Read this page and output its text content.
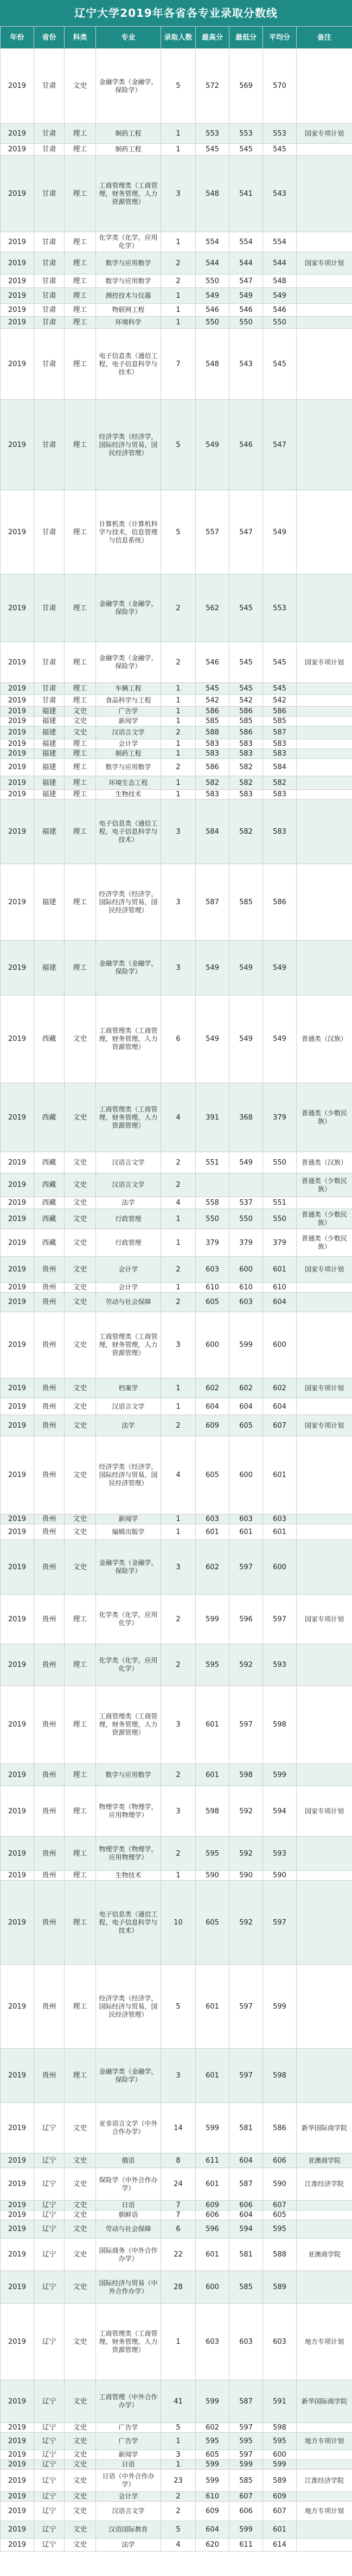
辽宁大学2019年各省各专业录取分数线
年份	省份	科类	专业	录取人数	最高分	最低分	平均分	备注
2019	甘肃	文史	金融学类（金融学，保险学）	5	572	569	570	
2019	甘肃	理工	制药工程	1	553	553	553	国家专项计划
2019	甘肃	理工	制药工程	1	545	545	545	
2019	甘肃	理工	工商管理类（工商管理，财务管理，人力资源管理）	3	548	541	543	
2019	甘肃	理工	化学类（化学，应用化学）	1	554	554	554	
2019	甘肃	理工	数学与应用数学	2	544	544	544	国家专项计划
2019	甘肃	理工	数学与应用数学	2	550	547	548	
2019	甘肃	理工	测控技术与仪器	1	549	549	549	
2019	甘肃	理工	物联网工程	1	546	546	546	
2019	甘肃	理工	环境科学	1	550	550	550	
2019	甘肃	理工	电子信息类（通信工程，电子信息科学与技术）	7	548	543	545	
2019	甘肃	理工	经济学类（经济学，国际经济与贸易，国民经济管理）	5	549	546	547	
2019	甘肃	理工	计算机类（计算机科学与技术，信息管理与信息系统）	5	557	547	549	
2019	甘肃	理工	金融学类（金融学，保险学）	2	562	545	553	
2019	甘肃	理工	金融学类（金融学，保险学）	2	546	545	545	国家专项计划
2019	甘肃	理工	车辆工程	1	545	545	545	
2019	甘肃	理工	食品科学与工程	1	542	542	542	
2019	福建	文史	广告学	1	586	586	586	
2019	福建	文史	新闻学	1	585	585	585	
2019	福建	文史	汉语言文学	2	588	586	587	
2019	福建	理工	会计学	1	583	583	583	
2019	福建	理工	制药工程	1	583	583	583	
2019	福建	理工	数学与应用数学	2	586	582	584	
2019	福建	理工	环境生态工程	1	582	582	582	
2019	福建	理工	生物技术	1	583	583	583	
2019	福建	理工	电子信息类（通信工程，电子信息科学与技术）	3	584	582	583	
2019	福建	理工	经济学类（经济学，国际经济与贸易，国民经济管理）	3	587	585	586	
2019	福建	理工	金融学类（金融学，保险学）	3	549	549	549	
2019	西藏	文史	工商管理类（工商管理，财务管理，人力资源管理）	6	549	549	549	普通类（汉族）
2019	西藏	文史	工商管理类（工商管理，财务管理，人力资源管理）	4	391	368	379	普通类（少数民族）
2019	西藏	文史	汉语言文学	2	551	549	550	普通类（汉族）
2019	西藏	文史	汉语言文学	2				普通类（少数民族）
2019	西藏	文史	法学	4	558	537	551	
2019	西藏	文史	行政管理	1	550	550	550	普通类（少数民族）
2019	西藏	文史	行政管理	1	379	379	379	普通类（少数民族）
2019	贵州	文史	会计学	2	603	600	601	国家专项计划
2019	贵州	文史	会计学	1	610	610	610	
2019	贵州	文史	劳动与社会保障	2	605	603	604	
2019	贵州	文史	工商管理类（工商管理，财务管理，人力资源管理）	3	600	599	600	
2019	贵州	文史	档案学	1	602	602	602	国家专项计划
2019	贵州	文史	汉语言文学	1	604	604	604	
2019	贵州	文史	法学	2	609	605	607	国家专项计划
2019	贵州	文史	经济学类（经济学，国际经济与贸易，国民经济管理）	4	605	600	601	
2019	贵州	文史	新闻学	1	603	603	603	
2019	贵州	文史	编辑出版学	1	601	601	601	
2019	贵州	文史	金融学类（金融学，保险学）	3	602	597	600	
2019	贵州	理工	化学类（化学，应用化学）	2	599	596	597	国家专项计划
2019	贵州	理工	化学类（化学，应用化学）	2	595	592	593	
2019	贵州	理工	工商管理类（工商管理，财务管理，人力资源管理）	3	601	597	598	
2019	贵州	理工	数学与应用数学	2	601	598	599	
2019	贵州	理工	物理学类（物理学，应用物理学）	3	598	592	594	国家专项计划
2019	贵州	理工	物理学类（物理学，应用物理学）	2	595	592	593	
2019	贵州	理工	生物技术	1	590	590	590	
2019	贵州	理工	电子信息类（通信工程，电子信息科学与技术）	10	605	592	597	
2019	贵州	理工	经济学类（经济学，国际经济与贸易，国民经济管理）	5	601	597	599	
2019	贵州	理工	金融学类（金融学，保险学）	3	601	597	598	
2019	辽宁	文史	亚非语言文学（中外合作办学）	14	599	581	586	新华国际商学院
2019	辽宁	文史	俄语	8	611	604	606	亚澳商学院
2019	辽宁	文史	保险学（中外合作办学）	24	601	587	590	江淮经济学院
2019	辽宁	文史	日语	7	609	606	607	
2019	辽宁	文史	朝鲜语	7	606	604	605	
2019	辽宁	文史	劳动与社会保障	6	596	594	595	
2019	辽宁	文史	国际商务（中外合作办学）	22	601	581	588	亚澳商学院
2019	辽宁	文史	国际经济与贸易（中外合作办学）	28	600	585	589	
2019	辽宁	文史	工商管理类（工商管理，财务管理，人力资源管理）	1	603	603	603	地方专项计划
2019	辽宁	文史	工商管理（中外合作办学）	41	599	587	591	新华国际商学院
2019	辽宁	文史	广告学	5	602	597	598	
2019	辽宁	文史	广告学	1	595	595	595	地方专项计划
2019	辽宁	文史	新闻学	3	605	597	600	
2019	辽宁	文史	日语	1	599	599	599	
2019	辽宁	文史	日语（中外合作办学）	23	599	585	589	江淮经济学院
2019	辽宁	文史	会计学	2	610	607	609	
2019	辽宁	文史	汉语言文学	2	609	606	607	地方专项计划
2019	辽宁	文史	汉语国际教育	5	604	599	601	
2019	辽宁	文史	法学	4	620	611	614	
